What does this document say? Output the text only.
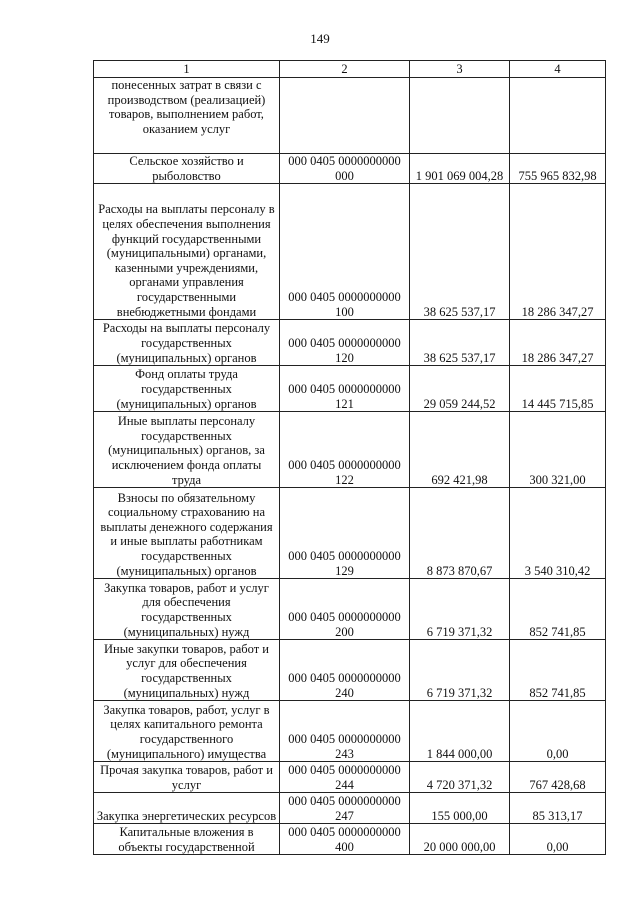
149
1	2	3	4
понесенных затрат в связи с производством (реализацией) товаров, выполнением работ, оказанием услуг			
Сельское хозяйство и рыболовство	000 0405 0000000000 000	1 901 069 004,28	755 965 832,98
Расходы на выплаты персоналу в целях обеспечения выполнения функций государственными (муниципальными) органами, казенными учреждениями, органами управления государственными внебюджетными фондами	000 0405 0000000000 100	38 625 537,17	18 286 347,27
Расходы на выплаты персоналу государственных (муниципальных) органов	000 0405 0000000000 120	38 625 537,17	18 286 347,27
Фонд оплаты труда государственных (муниципальных) органов	000 0405 0000000000 121	29 059 244,52	14 445 715,85
Иные выплаты персоналу государственных (муниципальных) органов, за исключением фонда оплаты труда	000 0405 0000000000 122	692 421,98	300 321,00
Взносы по обязательному социальному страхованию на выплаты денежного содержания и иные выплаты работникам государственных (муниципальных) органов	000 0405 0000000000 129	8 873 870,67	3 540 310,42
Закупка товаров, работ и услуг для обеспечения государственных (муниципальных) нужд	000 0405 0000000000 200	6 719 371,32	852 741,85
Иные закупки товаров, работ и услуг для обеспечения государственных (муниципальных) нужд	000 0405 0000000000 240	6 719 371,32	852 741,85
Закупка товаров, работ, услуг в целях капитального ремонта государственного (муниципального) имущества	000 0405 0000000000 243	1 844 000,00	0,00
Прочая закупка товаров, работ и услуг	000 0405 0000000000 244	4 720 371,32	767 428,68
Закупка энергетических ресурсов	000 0405 0000000000 247	155 000,00	85 313,17
Капитальные вложения в объекты государственной	000 0405 0000000000 400	20 000 000,00	0,00
